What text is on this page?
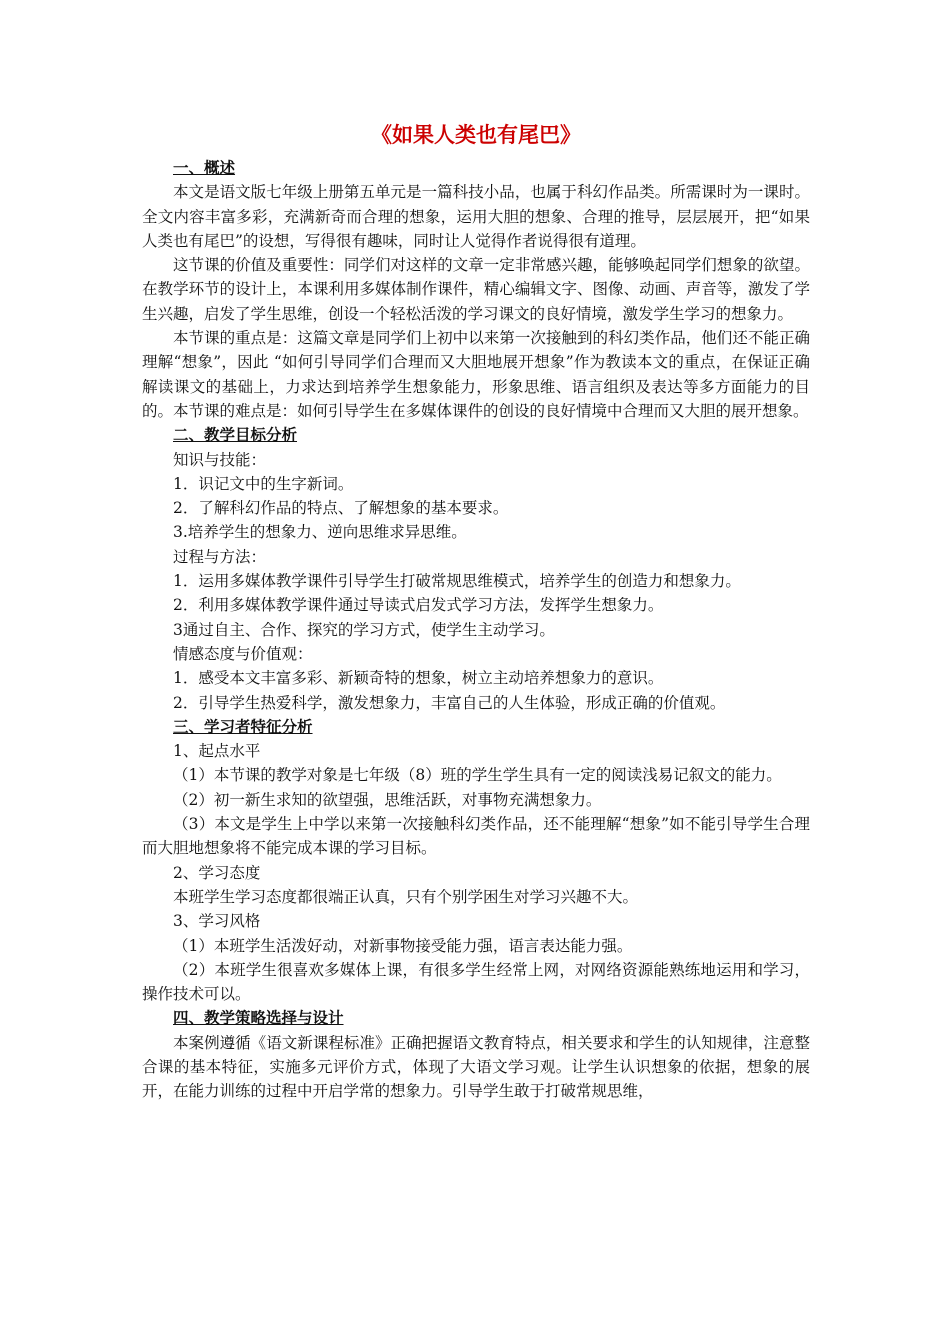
《如果人类也有尾巴》

一、概述

本文是语文版七年级上册第五单元是一篇科技小品，也属于科幻作品类。所需课时为一课时。全文内容丰富多彩，充满新奇而合理的想象，运用大胆的想象、合理的推导，层层展开，把“如果人类也有尾巴”的设想，写得很有趣味，同时让人觉得作者说得很有道理。

这节课的价值及重要性：同学们对这样的文章一定非常感兴趣，能够唤起同学们想象的欲望。在教学环节的设计上，本课利用多媒体制作课件，精心编辑文字、图像、动画、声音等，激发了学生兴趣，启发了学生思维，创设一个轻松活泼的学习课文的良好情境，激发学生学习的想象力。

本节课的重点是：这篇文章是同学们上初中以来第一次接触到的科幻类作品，他们还不能正确理解“想象”，因此 “如何引导同学们合理而又大胆地展开想象”作为教读本文的重点，在保证正确解读课文的基础上，力求达到培养学生想象能力，形象思维、语言组织及表达等多方面能力的目的。本节课的难点是：如何引导学生在多媒体课件的创设的良好情境中合理而又大胆的展开想象。

二、教学目标分析

知识与技能：

1．识记文中的生字新词。

2．了解科幻作品的特点、了解想象的基本要求。

3.培养学生的想象力、逆向思维求异思维。

过程与方法：

1．运用多媒体教学课件引导学生打破常规思维模式，培养学生的创造力和想象力。

2．利用多媒体教学课件通过导读式启发式学习方法，发挥学生想象力。

3通过自主、合作、探究的学习方式，使学生主动学习。

情感态度与价值观：

1．感受本文丰富多彩、新颖奇特的想象，树立主动培养想象力的意识。

2．引导学生热爱科学，激发想象力，丰富自己的人生体验，形成正确的价值观。

三、学习者特征分析

1、起点水平

（1）本节课的教学对象是七年级（8）班的学生学生具有一定的阅读浅易记叙文的能力。

（2）初一新生求知的欲望强，思维活跃，对事物充满想象力。

（3）本文是学生上中学以来第一次接触科幻类作品，还不能理解“想象”如不能引导学生合理而大胆地想象将不能完成本课的学习目标。

2、学习态度

本班学生学习态度都很端正认真，只有个别学困生对学习兴趣不大。

3、学习风格

（1）本班学生活泼好动，对新事物接受能力强，语言表达能力强。

（2）本班学生很喜欢多媒体上课，有很多学生经常上网，对网络资源能熟练地运用和学习，操作技术可以。

四、教学策略选择与设计

本案例遵循《语文新课程标准》正确把握语文教育特点，相关要求和学生的认知规律，注意整合课的基本特征，实施多元评价方式，体现了大语文学习观。让学生认识想象的依据，想象的展开，在能力训练的过程中开启学常的想象力。引导学生敢于打破常规思维，
